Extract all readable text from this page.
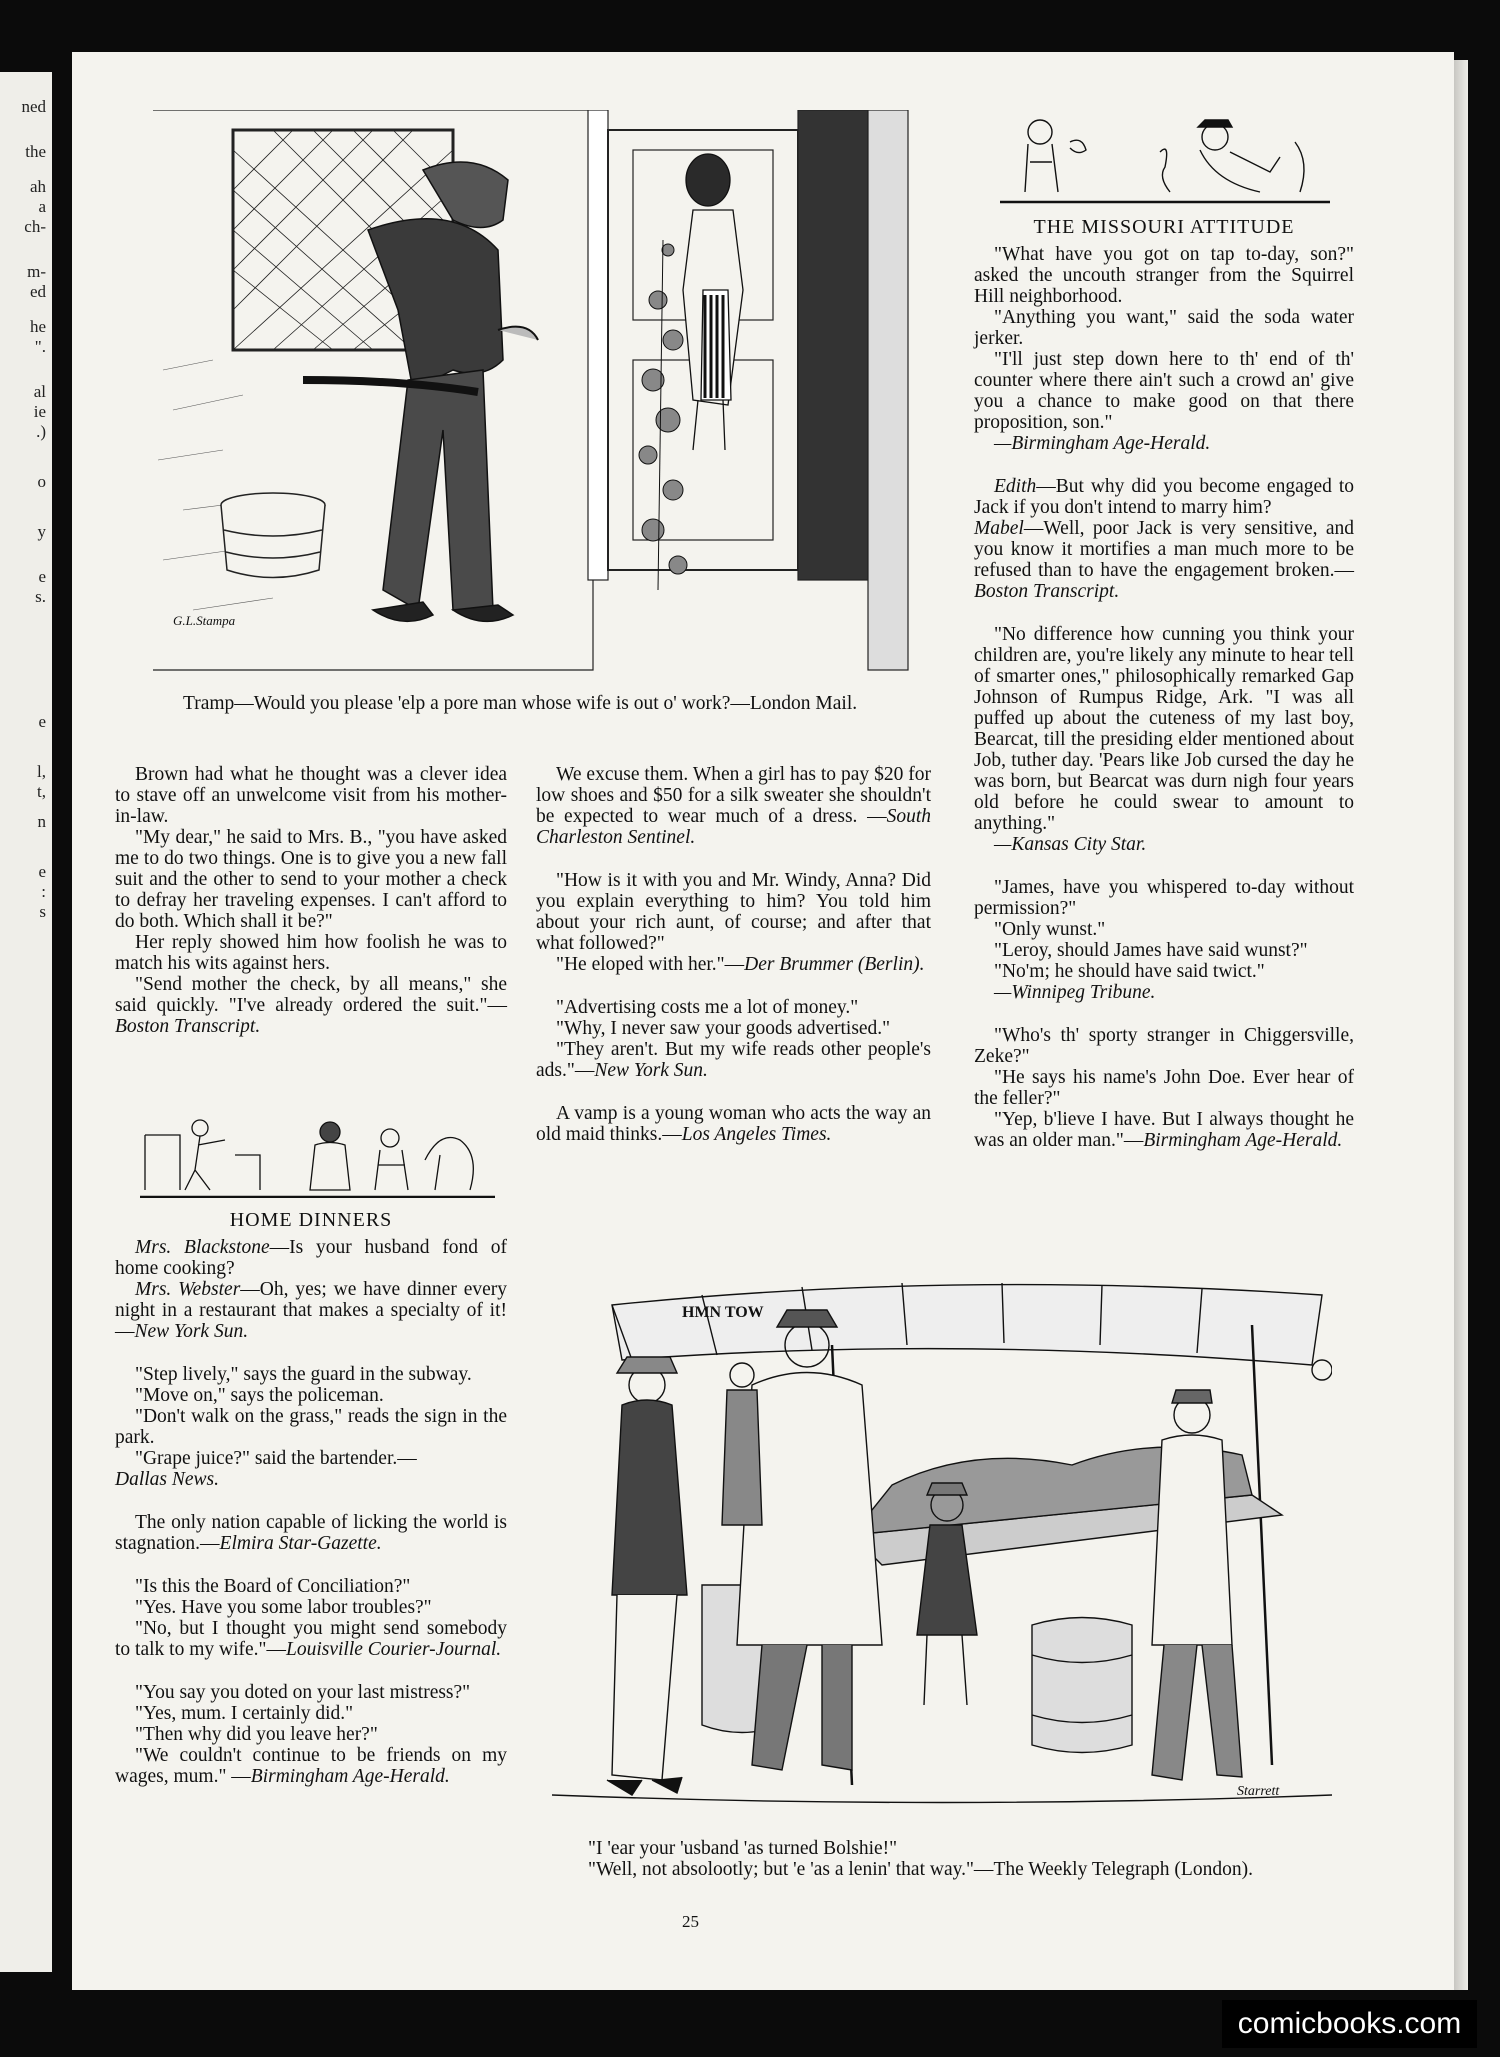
ned
the
ah
a
ch-
m-
ed
he
".
al
ie
.)
o
y
e
s.
e
l,
t,
n
e
:
s
G.L.Stampa

Tramp—Would you please 'elp a pore man whose wife is out o' work?—London Mail.

THE MISSOURI ATTITUDE

"What have you got on tap to-day, son?" asked the uncouth stranger from the Squirrel Hill neighborhood.

"Anything you want," said the soda water jerker.

"I'll just step down here to th' end of th' counter where there ain't such a crowd an' give you a chance to make good on that there proposition, son."

—Birmingham Age-Herald.

Edith—But why did you become engaged to Jack if you don't intend to marry him?
Mabel—Well, poor Jack is very sensitive, and you know it mortifies a man much more to be refused than to have the engagement broken.—Boston Transcript.

"No difference how cunning you think your children are, you're likely any minute to hear tell of smarter ones," philosophically remarked Gap Johnson of Rumpus Ridge, Ark. "I was all puffed up about the cuteness of my last boy, Bearcat, till the presiding elder mentioned about Job, tuther day. 'Pears like Job cursed the day he was born, but Bearcat was durn nigh four years old before he could swear to amount to anything."

—Kansas City Star.

"James, have you whispered to-day without permission?"

"Only wunst."

"Leroy, should James have said wunst?"

"No'm; he should have said twict."

—Winnipeg Tribune.

"Who's th' sporty stranger in Chiggersville, Zeke?"

"He says his name's John Doe. Ever hear of the feller?"

"Yep, b'lieve I have. But I always thought he was an older man."—Birmingham Age-Herald.

Brown had what he thought was a clever idea to stave off an unwelcome visit from his mother-in-law.

"My dear," he said to Mrs. B., "you have asked me to do two things. One is to give you a new fall suit and the other to send to your mother a check to defray her traveling expenses. I can't afford to do both. Which shall it be?"

Her reply showed him how foolish he was to match his wits against hers.

"Send mother the check, by all means," she said quickly. "I've already ordered the suit."—Boston Transcript.

HOME DINNERS

Mrs. Blackstone—Is your husband fond of home cooking?

Mrs. Webster—Oh, yes; we have dinner every night in a restaurant that makes a specialty of it!—New York Sun.

"Step lively," says the guard in the subway.

"Move on," says the policeman.

"Don't walk on the grass," reads the sign in the park.

"Grape juice?" said the bartender.—
Dallas News.

The only nation capable of licking the world is stagnation.—Elmira Star-Gazette.

"Is this the Board of Conciliation?"

"Yes. Have you some labor troubles?"

"No, but I thought you might send somebody to talk to my wife."—Louisville Courier-Journal.

"You say you doted on your last mistress?"

"Yes, mum. I certainly did."

"Then why did you leave her?"

"We couldn't continue to be friends on my wages, mum." —Birmingham Age-Herald.

We excuse them. When a girl has to pay $20 for low shoes and $50 for a silk sweater she shouldn't be expected to wear much of a dress. —South Charleston Sentinel.

"How is it with you and Mr. Windy, Anna? Did you explain everything to him? You told him about your rich aunt, of course; and after that what followed?"

"He eloped with her."—Der Brummer (Berlin).

"Advertising costs me a lot of money."

"Why, I never saw your goods advertised."

"They aren't. But my wife reads other people's ads."—New York Sun.

A vamp is a young woman who acts the way an old maid thinks.—Los Angeles Times.

HMN TOW
Starrett

"I 'ear your 'usband 'as turned Bolshie!"

"Well, not absolootly; but 'e 'as a lenin' that way."—The Weekly Telegraph (London).

25
comicbooks.com
